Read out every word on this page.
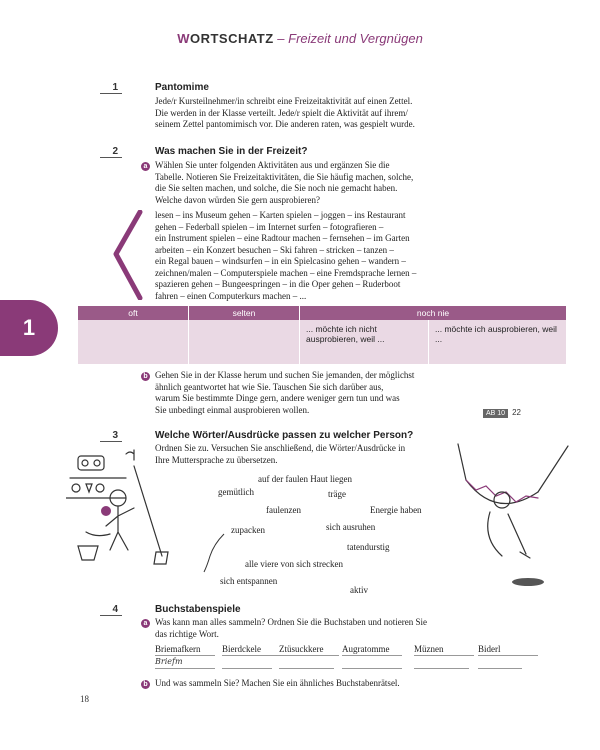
WORTSCHATZ – Freizeit und Vergnügen
1
1	Pantomime
Jede/r Kursteilnehmer/in schreibt eine Freizeitaktivität auf einen Zettel.
Die werden in der Klasse verteilt. Jede/r spielt die Aktivität auf ihrem/
seinem Zettel pantomimisch vor. Die anderen raten, was gespielt wurde.
2	Was machen Sie in der Freizeit?
a Wählen Sie unter folgenden Aktivitäten aus und ergänzen Sie die
Tabelle. Notieren Sie Freizeitaktivitäten, die Sie häufig machen, solche,
die Sie selten machen, und solche, die Sie noch nie gemacht haben.
Welche davon würden Sie gern ausprobieren?
lesen – ins Museum gehen – Karten spielen – joggen – ins Restaurant
gehen – Federball spielen – im Internet surfen – fotografieren –
ein Instrument spielen – eine Radtour machen – fernsehen – im Garten
arbeiten – ein Konzert besuchen – Ski fahren – stricken – tanzen –
ein Regal bauen – windsurfen – in ein Spielcasino gehen – wandern –
zeichnen/malen – Computerspiele machen – eine Fremdsprache lernen –
spazieren gehen – Bungeespringen – in die Oper gehen – Ruderboot
fahren – einen Computerkurs machen – ...
oft	selten	noch nie	
		... möchte ich nicht ausprobieren, weil ...	... möchte ich ausprobieren, weil ...
b Gehen Sie in der Klasse herum und suchen Sie jemanden, der möglichst
ähnlich geantwortet hat wie Sie. Tauschen Sie sich darüber aus,
warum Sie bestimmte Dinge gern, andere weniger gern tun und was
Sie unbedingt einmal ausprobieren wollen.	AB 10 22
3	Welche Wörter/Ausdrücke passen zu welcher Person?
Ordnen Sie zu. Versuchen Sie anschließend, die Wörter/Ausdrücke in
Ihre Muttersprache zu übersetzen.
auf der faulen Haut liegen
gemütlich	träge
faulenzen	Energie haben
zupacken	sich ausruhen
tatendurstig
alle viere von sich strecken
sich entspannen
aktiv
4	Buchstabenspiele
a Was kann man alles sammeln? Ordnen Sie die Buchstaben und notieren Sie
das richtige Wort.
Briemafkern	Bierdckele	Ztüsuckkere	Augratomme	Müznen	Biderl
Briefm
b Und was sammeln Sie? Machen Sie ein ähnliches Buchstabenrätsel.
18
